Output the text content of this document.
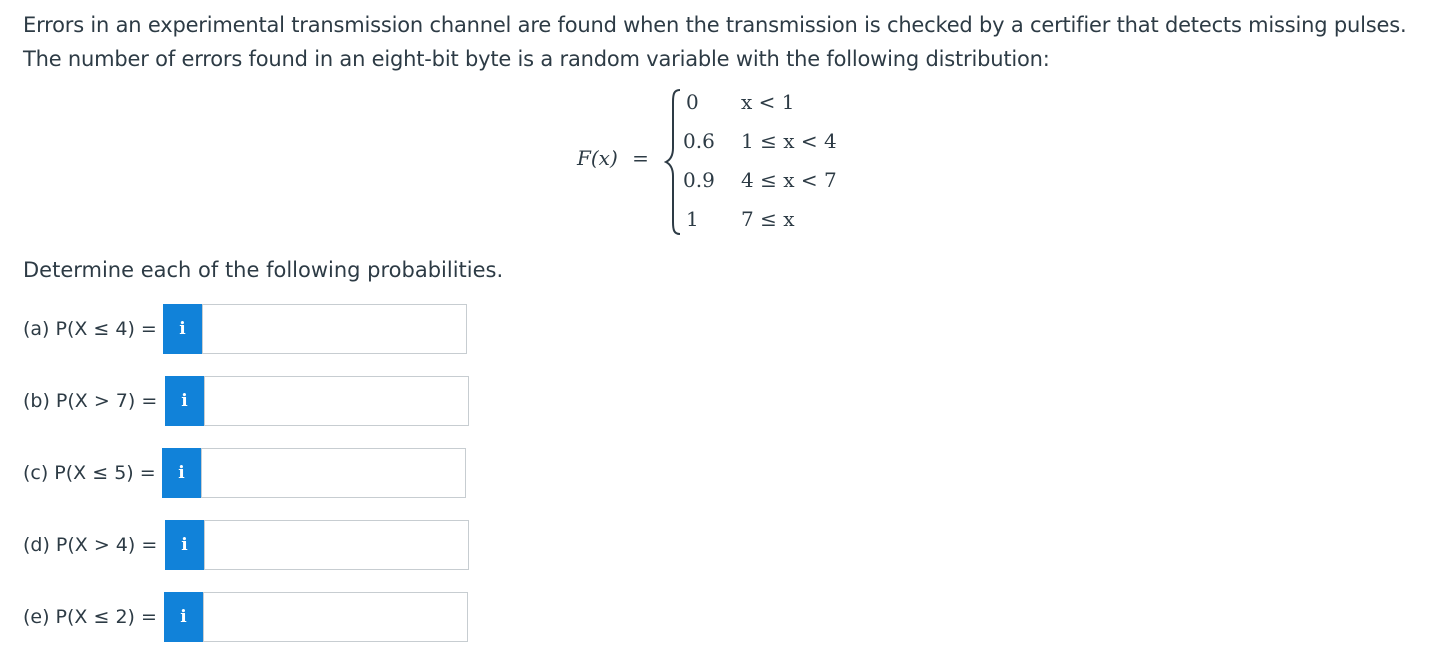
Errors in an experimental transmission channel are found when the transmission is checked by a certifier that detects missing pulses.

The number of errors found in an eight-bit byte is a random variable with the following distribution:

F(x) =
0 x < 1
0.6 1 ≤ x < 4
0.9 4 ≤ x < 7
1 7 ≤ x
Determine each of the following probabilities.
(a) P(X ≤ 4) =	i
(b) P(X > 7) =	i
(c) P(X ≤ 5) =	i
(d) P(X > 4) =	i
(e) P(X ≤ 2) =	i
